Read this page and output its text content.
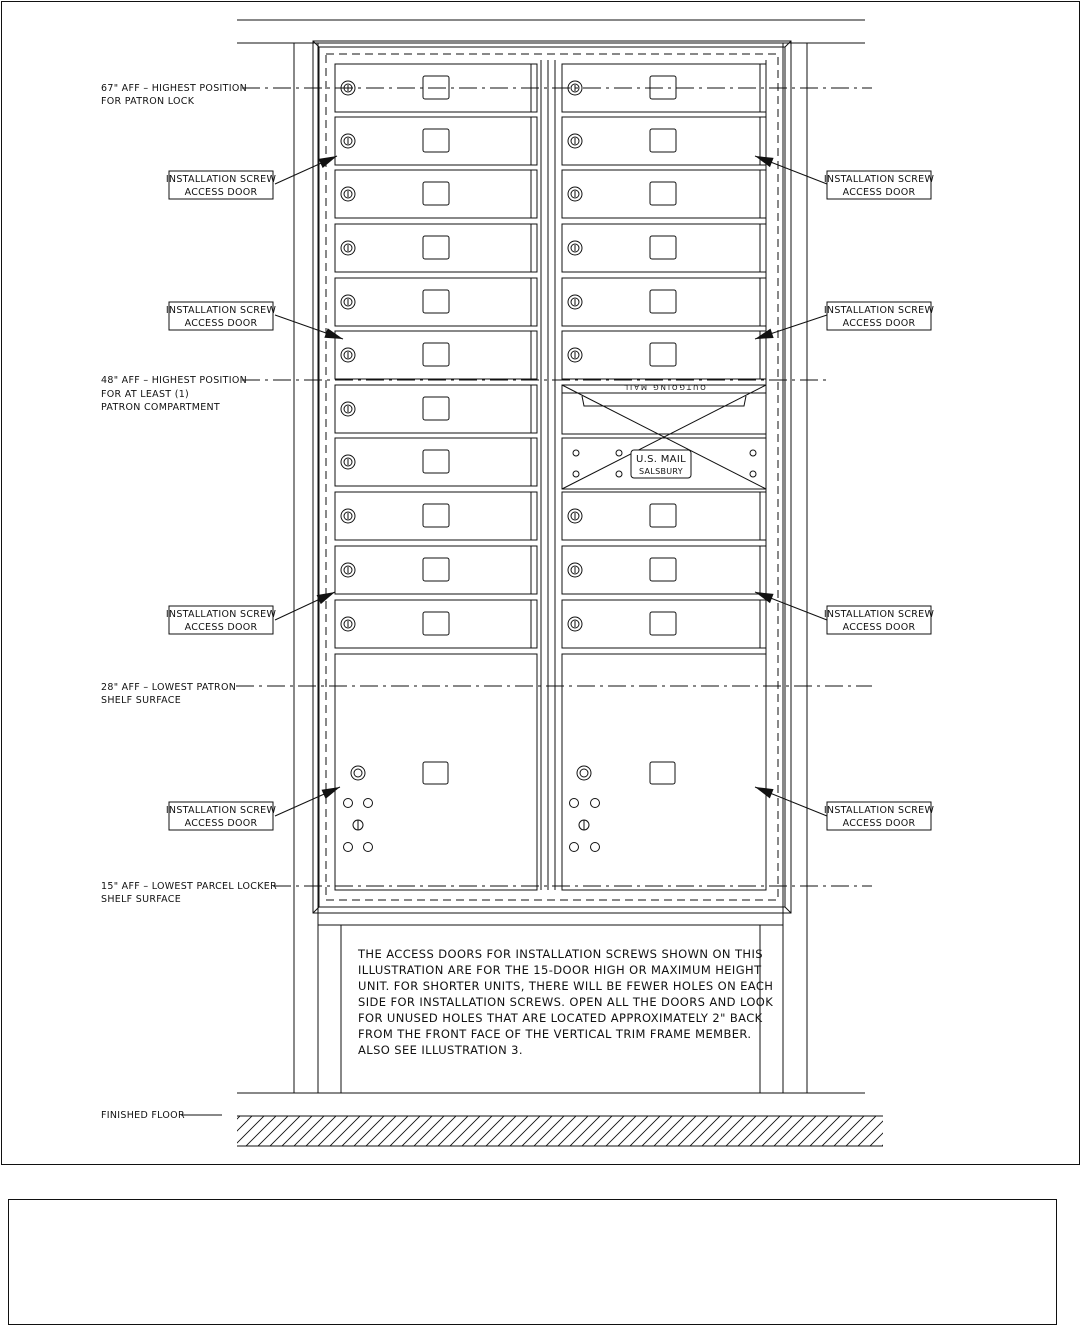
OUTGOING MAIL
U.S. MAIL
SALSBURY
67" AFF – HIGHEST POSITION
FOR PATRON LOCK
48" AFF – HIGHEST POSITION
FOR AT LEAST (1)
PATRON COMPARTMENT
28" AFF – LOWEST PATRON
SHELF SURFACE
15" AFF – LOWEST PARCEL LOCKER
SHELF SURFACE
FINISHED FLOOR
INSTALLATION SCREW
ACCESS DOOR
INSTALLATION SCREW
ACCESS DOOR
INSTALLATION SCREW
ACCESS DOOR
INSTALLATION SCREW
ACCESS DOOR
INSTALLATION SCREW
ACCESS DOOR
INSTALLATION SCREW
ACCESS DOOR
INSTALLATION SCREW
ACCESS DOOR
INSTALLATION SCREW
ACCESS DOOR
THE ACCESS DOORS FOR INSTALLATION SCREWS SHOWN ON THIS
ILLUSTRATION ARE FOR THE 15-DOOR HIGH OR MAXIMUM HEIGHT
UNIT. FOR SHORTER UNITS, THERE WILL BE FEWER HOLES ON EACH
SIDE FOR INSTALLATION SCREWS. OPEN ALL THE DOORS AND LOOK
FOR UNUSED HOLES THAT ARE LOCATED APPROXIMATELY 2" BACK
FROM THE FRONT FACE OF THE VERTICAL TRIM FRAME MEMBER.
ALSO SEE ILLUSTRATION 3.
